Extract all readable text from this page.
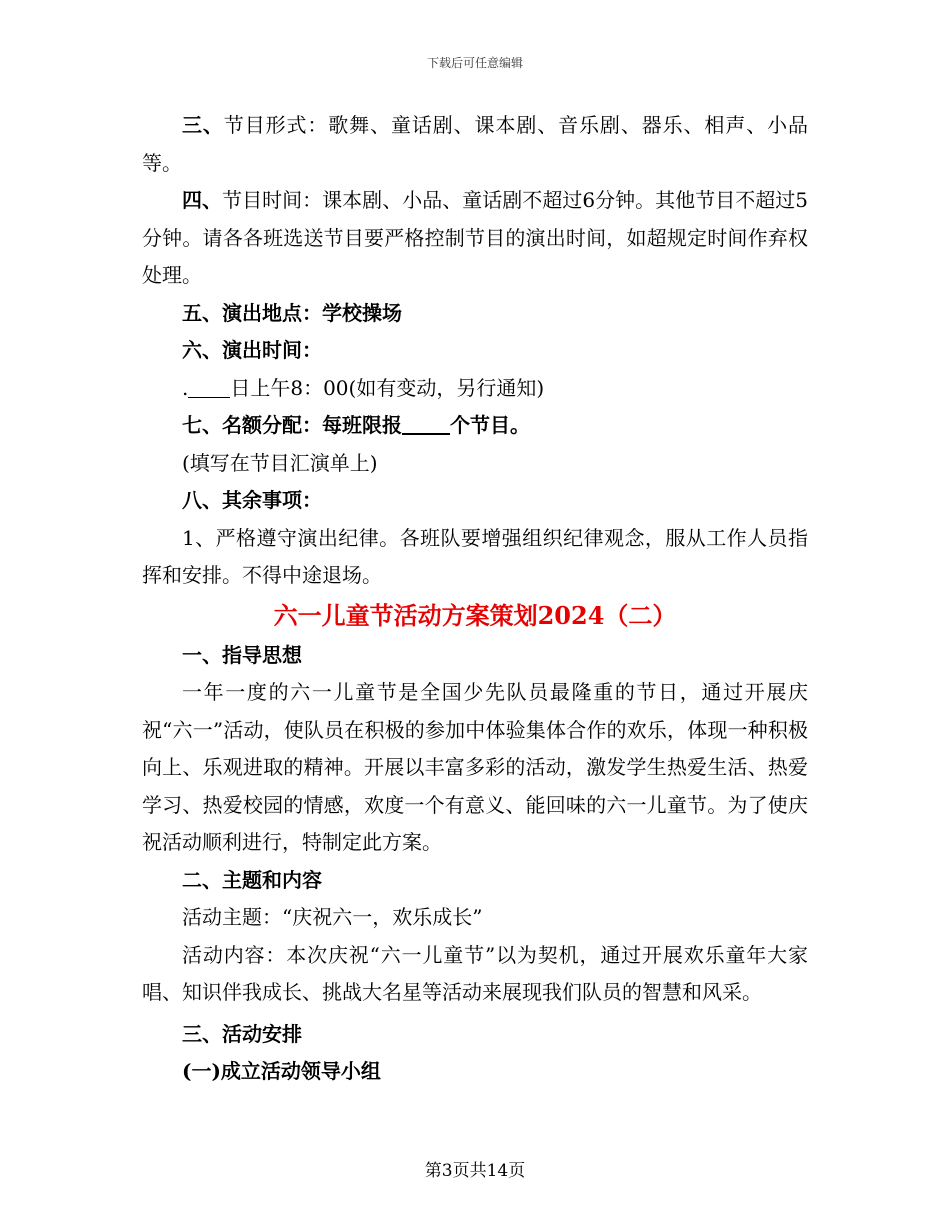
下载后可任意编辑

三、节目形式：歌舞、童话剧、课本剧、音乐剧、器乐、相声、小品等。

四、节目时间：课本剧、小品、童话剧不超过6分钟。其他节目不超过5分钟。请各各班选送节目要严格控制节目的演出时间，如超规定时间作弃权处理。

五、演出地点：学校操场

六、演出时间：

. 日上午8：00(如有变动，另行通知)

七、名额分配：每班限报 个节目。

(填写在节目汇演单上)

八、其余事项：

1、严格遵守演出纪律。各班队要增强组织纪律观念，服从工作人员指挥和安排。不得中途退场。

六一儿童节活动方案策划2024（二）

一、指导思想

一年一度的六一儿童节是全国少先队员最隆重的节日，通过开展庆祝“六一”活动，使队员在积极的参加中体验集体合作的欢乐，体现一种积极向上、乐观进取的精神。开展以丰富多彩的活动，激发学生热爱生活、热爱学习、热爱校园的情感，欢度一个有意义、能回味的六一儿童节。为了使庆祝活动顺利进行，特制定此方案。

二、主题和内容

活动主题：“庆祝六一，欢乐成长”

活动内容：本次庆祝“六一儿童节”以为契机，通过开展欢乐童年大家唱、知识伴我成长、挑战大名星等活动来展现我们队员的智慧和风采。

三、活动安排

(一)成立活动领导小组

第3页共14页
